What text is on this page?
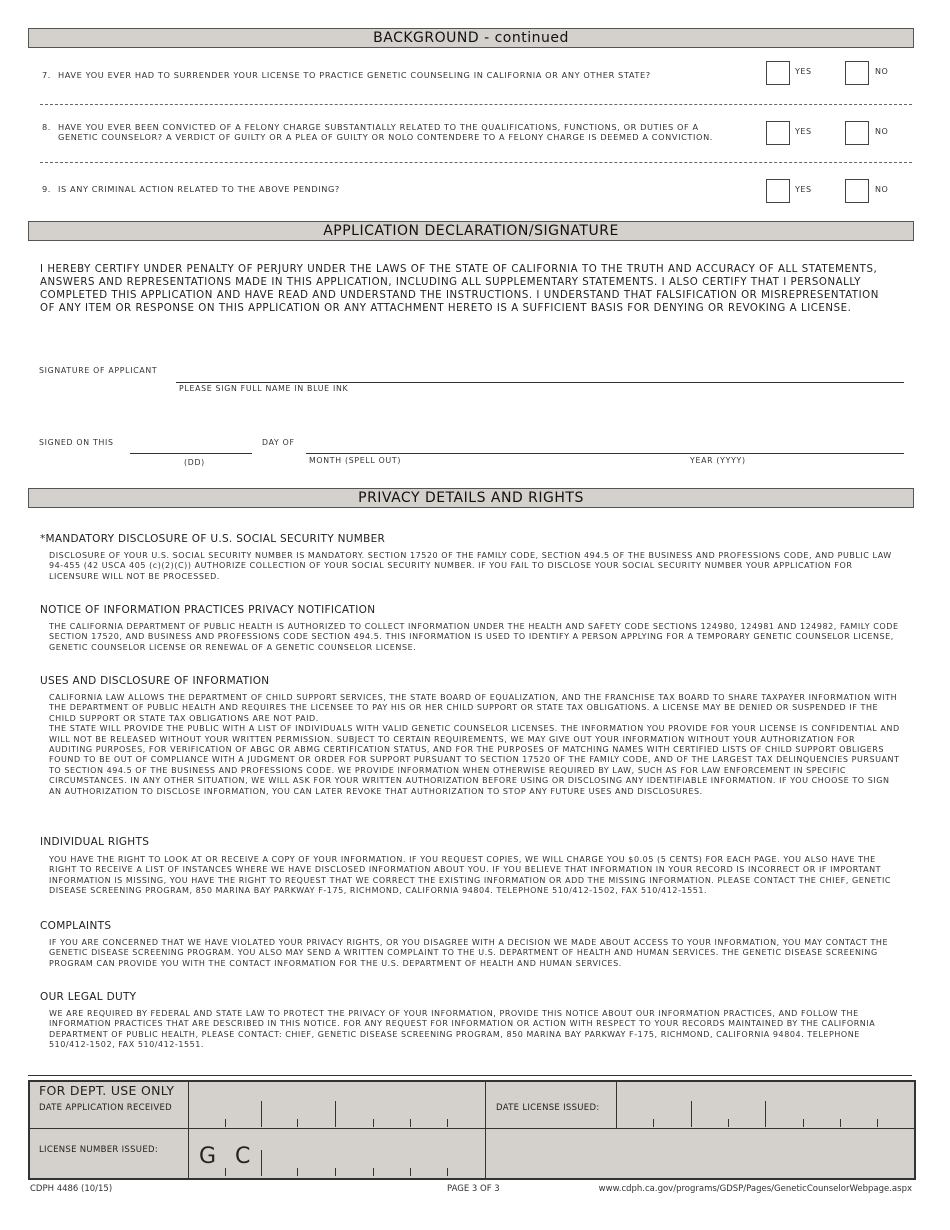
BACKGROUND - continued
7. HAVE YOU EVER HAD TO SURRENDER YOUR LICENSE TO PRACTICE GENETIC COUNSELING IN CALIFORNIA OR ANY OTHER STATE?	YES	NO
8. HAVE YOU EVER BEEN CONVICTED OF A FELONY CHARGE SUBSTANTIALLY RELATED TO THE QUALIFICATIONS, FUNCTIONS, OR DUTIES OF A GENETIC COUNSELOR? A VERDICT OF GUILTY OR A PLEA OF GUILTY OR NOLO CONTENDERE TO A FELONY CHARGE IS DEEMED A CONVICTION.
YES	NO
9. IS ANY CRIMINAL ACTION RELATED TO THE ABOVE PENDING?	YES	NO
APPLICATION DECLARATION/SIGNATURE
I HEREBY CERTIFY UNDER PENALTY OF PERJURY UNDER THE LAWS OF THE STATE OF CALIFORNIA TO THE TRUTH AND ACCURACY OF ALL STATEMENTS, ANSWERS AND REPRESENTATIONS MADE IN THIS APPLICATION, INCLUDING ALL SUPPLEMENTARY STATEMENTS. I ALSO CERTIFY THAT I PERSONALLY COMPLETED THIS APPLICATION AND HAVE READ AND UNDERSTAND THE INSTRUCTIONS. I UNDERSTAND THAT FALSIFICATION OR MISREPRESENTATION OF ANY ITEM OR RESPONSE ON THIS APPLICATION OR ANY ATTACHMENT HERETO IS A SUFFICIENT BASIS FOR DENYING OR REVOKING A LICENSE.
SIGNATURE OF APPLICANT
PLEASE SIGN FULL NAME IN BLUE INK
SIGNED ON THIS
(DD)
DAY OF
MONTH (SPELL OUT)	YEAR (YYYY)
PRIVACY DETAILS AND RIGHTS
*MANDATORY DISCLOSURE OF U.S. SOCIAL SECURITY NUMBER
DISCLOSURE OF YOUR U.S. SOCIAL SECURITY NUMBER IS MANDATORY. SECTION 17520 OF THE FAMILY CODE, SECTION 494.5 OF THE BUSINESS AND PROFESSIONS CODE, AND PUBLIC LAW 94-455 (42 USCA 405 (c)(2)(C)) AUTHORIZE COLLECTION OF YOUR SOCIAL SECURITY NUMBER. IF YOU FAIL TO DISCLOSE YOUR SOCIAL SECURITY NUMBER YOUR APPLICATION FOR LICENSURE WILL NOT BE PROCESSED.
NOTICE OF INFORMATION PRACTICES PRIVACY NOTIFICATION
THE CALIFORNIA DEPARTMENT OF PUBLIC HEALTH IS AUTHORIZED TO COLLECT INFORMATION UNDER THE HEALTH AND SAFETY CODE SECTIONS 124980, 124981 AND 124982, FAMILY CODE SECTION 17520, AND BUSINESS AND PROFESSIONS CODE SECTION 494.5. THIS INFORMATION IS USED TO IDENTIFY A PERSON APPLYING FOR A TEMPORARY GENETIC COUNSELOR LICENSE, GENETIC COUNSELOR LICENSE OR RENEWAL OF A GENETIC COUNSELOR LICENSE.
USES AND DISCLOSURE OF INFORMATION
CALIFORNIA LAW ALLOWS THE DEPARTMENT OF CHILD SUPPORT SERVICES, THE STATE BOARD OF EQUALIZATION, AND THE FRANCHISE TAX BOARD TO SHARE TAXPAYER INFORMATION WITH THE DEPARTMENT OF PUBLIC HEALTH AND REQUIRES THE LICENSEE TO PAY HIS OR HER CHILD SUPPORT OR STATE TAX OBLIGATIONS. A LICENSE MAY BE DENIED OR SUSPENDED IF THE CHILD SUPPORT OR STATE TAX OBLIGATIONS ARE NOT PAID.
THE STATE WILL PROVIDE THE PUBLIC WITH A LIST OF INDIVIDUALS WITH VALID GENETIC COUNSELOR LICENSES. THE INFORMATION YOU PROVIDE FOR YOUR LICENSE IS CONFIDENTIAL AND WILL NOT BE RELEASED WITHOUT YOUR WRITTEN PERMISSION. SUBJECT TO CERTAIN REQUIREMENTS, WE MAY GIVE OUT YOUR INFORMATION WITHOUT YOUR AUTHORIZATION FOR AUDITING PURPOSES, FOR VERIFICATION OF ABGC OR ABMG CERTIFICATION STATUS, AND FOR THE PURPOSES OF MATCHING NAMES WITH CERTIFIED LISTS OF CHILD SUPPORT OBLIGERS FOUND TO BE OUT OF COMPLIANCE WITH A JUDGMENT OR ORDER FOR SUPPORT PURSUANT TO SECTION 17520 OF THE FAMILY CODE, AND OF THE LARGEST TAX DELINQUENCIES PURSUANT TO SECTION 494.5 OF THE BUSINESS AND PROFESSIONS CODE. WE PROVIDE INFORMATION WHEN OTHERWISE REQUIRED BY LAW, SUCH AS FOR LAW ENFORCEMENT IN SPECIFIC CIRCUMSTANCES. IN ANY OTHER SITUATION, WE WILL ASK FOR YOUR WRITTEN AUTHORIZATION BEFORE USING OR DISCLOSING ANY IDENTIFIABLE INFORMATION. IF YOU CHOOSE TO SIGN AN AUTHORIZATION TO DISCLOSE INFORMATION, YOU CAN LATER REVOKE THAT AUTHORIZATION TO STOP ANY FUTURE USES AND DISCLOSURES.
INDIVIDUAL RIGHTS
YOU HAVE THE RIGHT TO LOOK AT OR RECEIVE A COPY OF YOUR INFORMATION. IF YOU REQUEST COPIES, WE WILL CHARGE YOU $0.05 (5 CENTS) FOR EACH PAGE. YOU ALSO HAVE THE RIGHT TO RECEIVE A LIST OF INSTANCES WHERE WE HAVE DISCLOSED INFORMATION ABOUT YOU. IF YOU BELIEVE THAT INFORMATION IN YOUR RECORD IS INCORRECT OR IF IMPORTANT INFORMATION IS MISSING, YOU HAVE THE RIGHT TO REQUEST THAT WE CORRECT THE EXISTING INFORMATION OR ADD THE MISSING INFORMATION. PLEASE CONTACT THE CHIEF, GENETIC DISEASE SCREENING PROGRAM, 850 MARINA BAY PARKWAY F-175, RICHMOND, CALIFORNIA 94804. TELEPHONE 510/412-1502, FAX 510/412-1551.
COMPLAINTS
IF YOU ARE CONCERNED THAT WE HAVE VIOLATED YOUR PRIVACY RIGHTS, OR YOU DISAGREE WITH A DECISION WE MADE ABOUT ACCESS TO YOUR INFORMATION, YOU MAY CONTACT THE GENETIC DISEASE SCREENING PROGRAM. YOU ALSO MAY SEND A WRITTEN COMPLAINT TO THE U.S. DEPARTMENT OF HEALTH AND HUMAN SERVICES. THE GENETIC DISEASE SCREENING PROGRAM CAN PROVIDE YOU WITH THE CONTACT INFORMATION FOR THE U.S. DEPARTMENT OF HEALTH AND HUMAN SERVICES.
OUR LEGAL DUTY
WE ARE REQUIRED BY FEDERAL AND STATE LAW TO PROTECT THE PRIVACY OF YOUR INFORMATION, PROVIDE THIS NOTICE ABOUT OUR INFORMATION PRACTICES, AND FOLLOW THE INFORMATION PRACTICES THAT ARE DESCRIBED IN THIS NOTICE. FOR ANY REQUEST FOR INFORMATION OR ACTION WITH RESPECT TO YOUR RECORDS MAINTAINED BY THE CALIFORNIA DEPARTMENT OF PUBLIC HEALTH, PLEASE CONTACT: CHIEF, GENETIC DISEASE SCREENING PROGRAM, 850 MARINA BAY PARKWAY F-175, RICHMOND, CALIFORNIA 94804. TELEPHONE 510/412-1502, FAX 510/412-1551.
FOR DEPT. USE ONLY
DATE APPLICATION RECEIVED	DATE LICENSE ISSUED:
LICENSE NUMBER ISSUED: G C
CDPH 4486 (10/15)	PAGE 3 OF 3	www.cdph.ca.gov/programs/GDSP/Pages/GeneticCounselorWebpage.aspx
